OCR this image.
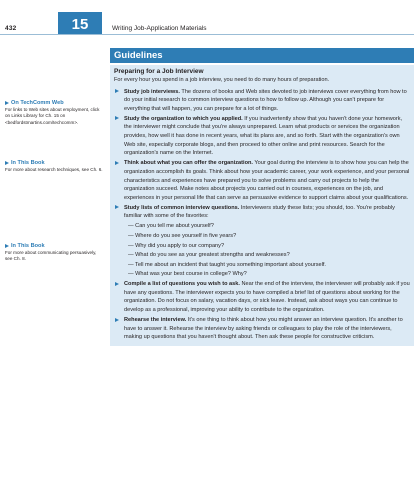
432	15	Writing Job-Application Materials
On TechComm Web
For links to Web sites about employment, click on Links Library for Ch. 15 on <bedfordstmartins.com/techcomm>.
In This Book
For more about research techniques, see Ch. 6.
In This Book
For more about communicating persuasively, see Ch. 8.
Guidelines
Preparing for a Job Interview
For every hour you spend in a job interview, you need to do many hours of preparation.
Study job interviews. The dozens of books and Web sites devoted to job interviews cover everything from how to do your initial research to common interview questions to how to follow up. Although you can't prepare for everything that will happen, you can prepare for a lot of things.
Study the organization to which you applied. If you inadvertently show that you haven't done your homework, the interviewer might conclude that you're always unprepared. Learn what products or services the organization provides, how well it has done in recent years, what its plans are, and so forth. Start with the organization's own Web site, especially corporate blogs, and then proceed to other online and print resources. Search for the organization's name on the Internet.
Think about what you can offer the organization. Your goal during the interview is to show how you can help the organization accomplish its goals. Think about how your academic career, your work experience, and your personal characteristics and experiences have prepared you to solve problems and carry out projects to help the organization succeed. Make notes about projects you carried out in courses, experiences on the job, and experiences in your personal life that can serve as persuasive evidence to support claims about your qualifications.
Study lists of common interview questions. Interviewers study these lists; you should, too. You're probably familiar with some of the favorites:
— Can you tell me about yourself?
— Where do you see yourself in five years?
— Why did you apply to our company?
— What do you see as your greatest strengths and weaknesses?
— Tell me about an incident that taught you something important about yourself.
— What was your best course in college? Why?
Compile a list of questions you wish to ask. Near the end of the interview, the interviewer will probably ask if you have any questions. The interviewer expects you to have compiled a brief list of questions about working for the organization. Do not focus on salary, vacation days, or sick leave. Instead, ask about ways you can continue to develop as a professional, improving your ability to contribute to the organization.
Rehearse the interview. It's one thing to think about how you might answer an interview question. It's another to have to answer it. Rehearse the interview by asking friends or colleagues to play the role of the interviewers, making up questions that you haven't thought about. Then ask these people for constructive criticism.
